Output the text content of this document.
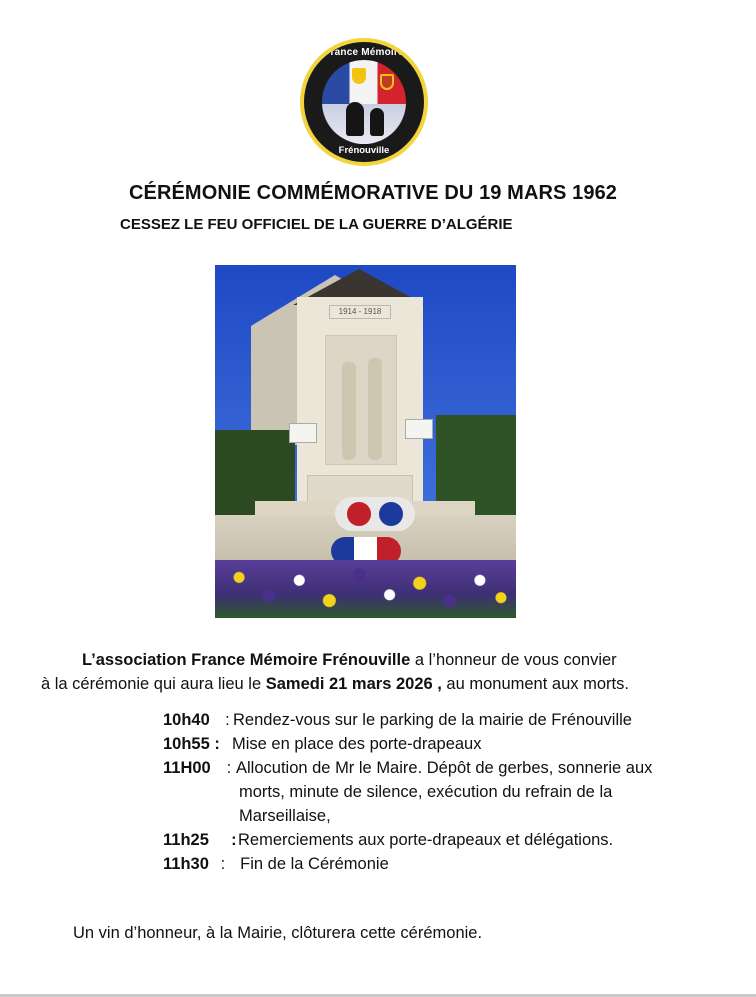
France Mémoire
Frénouville
CÉRÉMONIE COMMÉMORATIVE DU 19 MARS 1962
CESSEZ LE FEU OFFICIEL DE LA GUERRE D’ALGÉRIE
1914 - 1918
L’association France Mémoire Frénouville a l’honneur de vous convier
à la cérémonie qui aura lieu le Samedi 21 mars 2026 , au monument aux morts.
10h40 : Rendez-vous sur le parking de la mairie de Frénouville
10h55 : Mise en place des porte-drapeaux
11H00 : Allocution de Mr le Maire. Dépôt de gerbes, sonnerie aux
morts, minute de silence, exécution du refrain de la
Marseillaise,
11h25 : Remerciements aux porte-drapeaux et délégations.
11h30 : Fin de la Cérémonie
Un vin d’honneur, à la Mairie, clôturera cette cérémonie.
